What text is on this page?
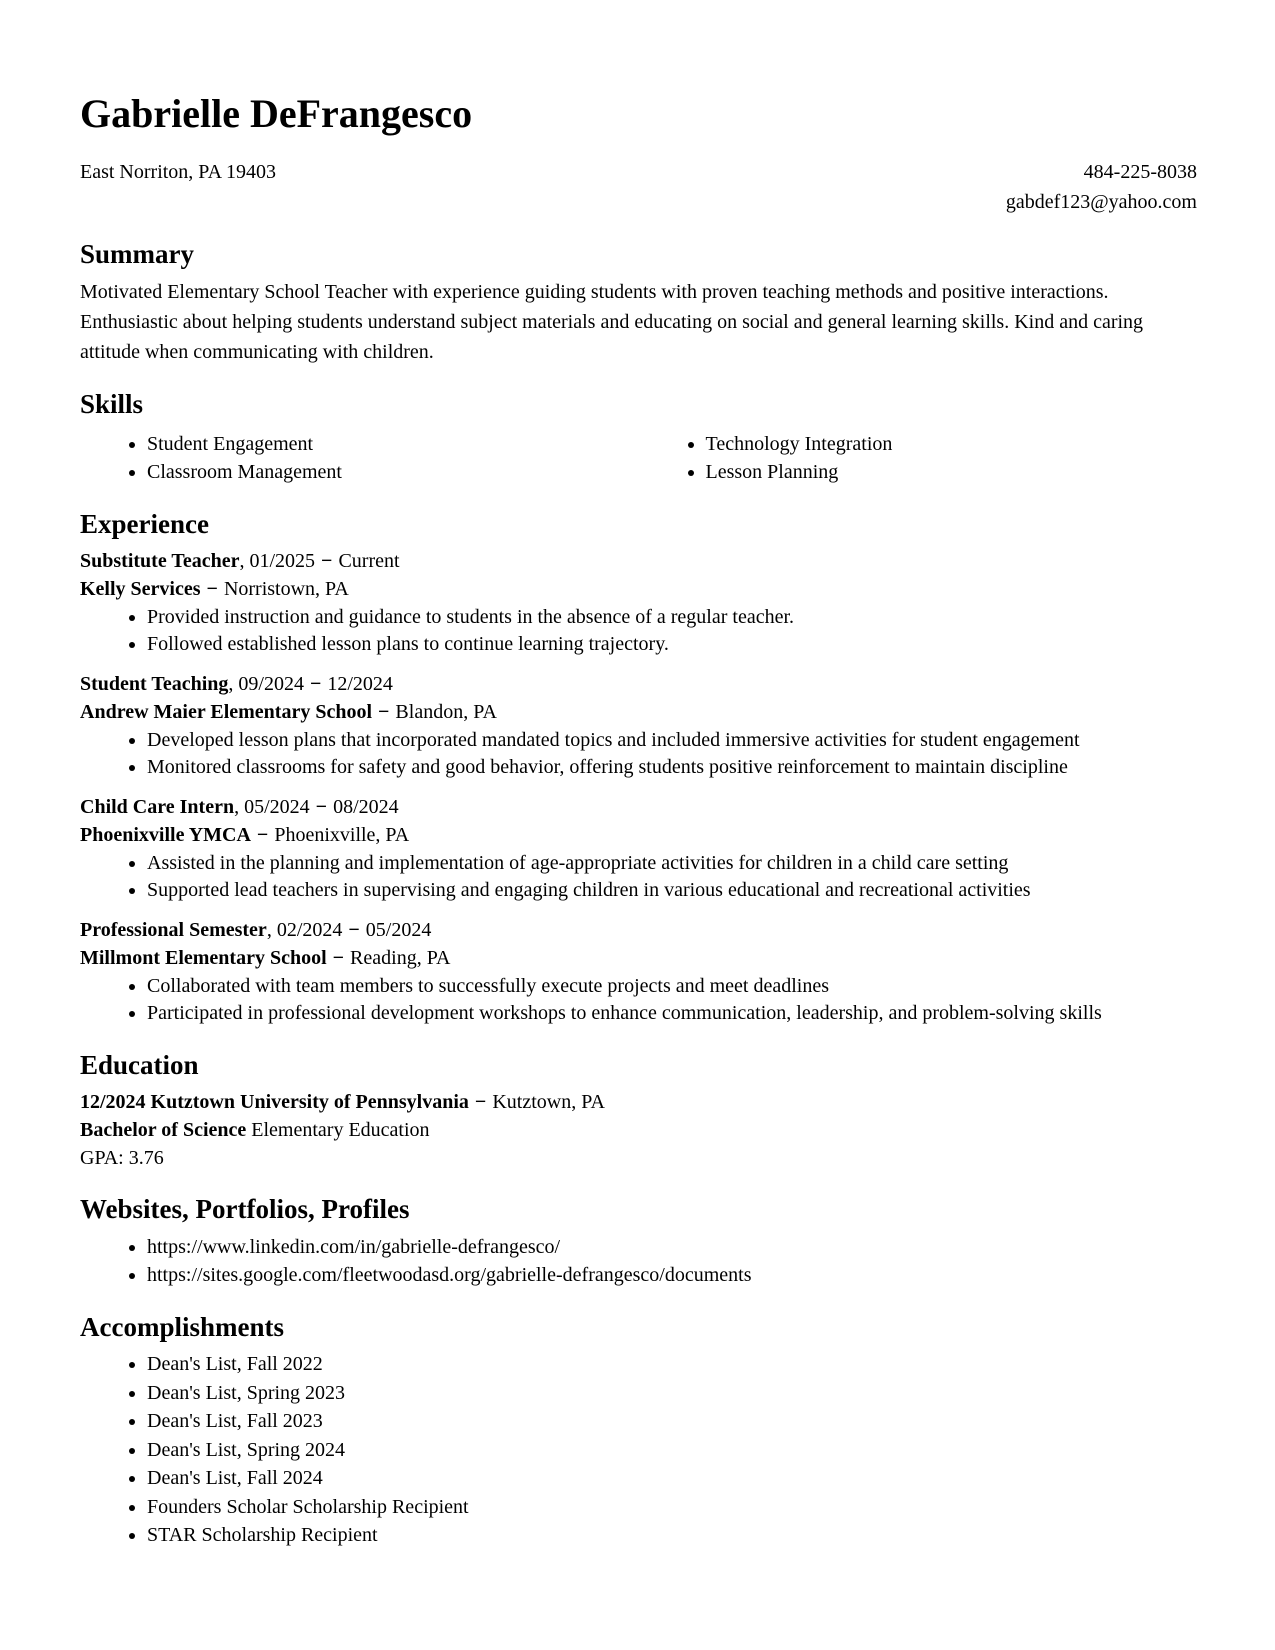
Gabrielle DeFrangesco
East Norriton, PA 19403	484-225-8038
gabdef123@yahoo.com
Summary

Motivated Elementary School Teacher with experience guiding students with proven teaching methods and positive interactions. Enthusiastic about helping students understand subject materials and educating on social and general learning skills. Kind and caring attitude when communicating with children.

Skills
• Student Engagement
• Classroom Management
• Technology Integration
• Lesson Planning
Experience
Substitute Teacher, 01/2025 − Current
Kelly Services − Norristown, PA
• Provided instruction and guidance to students in the absence of a regular teacher.
• Followed established lesson plans to continue learning trajectory.
Student Teaching, 09/2024 − 12/2024
Andrew Maier Elementary School − Blandon, PA
• Developed lesson plans that incorporated mandated topics and included immersive activities for student engagement
• Monitored classrooms for safety and good behavior, offering students positive reinforcement to maintain discipline
Child Care Intern, 05/2024 − 08/2024
Phoenixville YMCA − Phoenixville, PA
• Assisted in the planning and implementation of age-appropriate activities for children in a child care setting
• Supported lead teachers in supervising and engaging children in various educational and recreational activities
Professional Semester, 02/2024 − 05/2024
Millmont Elementary School − Reading, PA
• Collaborated with team members to successfully execute projects and meet deadlines
• Participated in professional development workshops to enhance communication, leadership, and problem-solving skills
Education
12/2024 Kutztown University of Pennsylvania − Kutztown, PA
Bachelor of Science Elementary Education
GPA: 3.76
Websites, Portfolios, Profiles
• https://www.linkedin.com/in/gabrielle-defrangesco/
• https://sites.google.com/fleetwoodasd.org/gabrielle-defrangesco/documents
Accomplishments
• Dean's List, Fall 2022
• Dean's List, Spring 2023
• Dean's List, Fall 2023
• Dean's List, Spring 2024
• Dean's List, Fall 2024
• Founders Scholar Scholarship Recipient
• STAR Scholarship Recipient
